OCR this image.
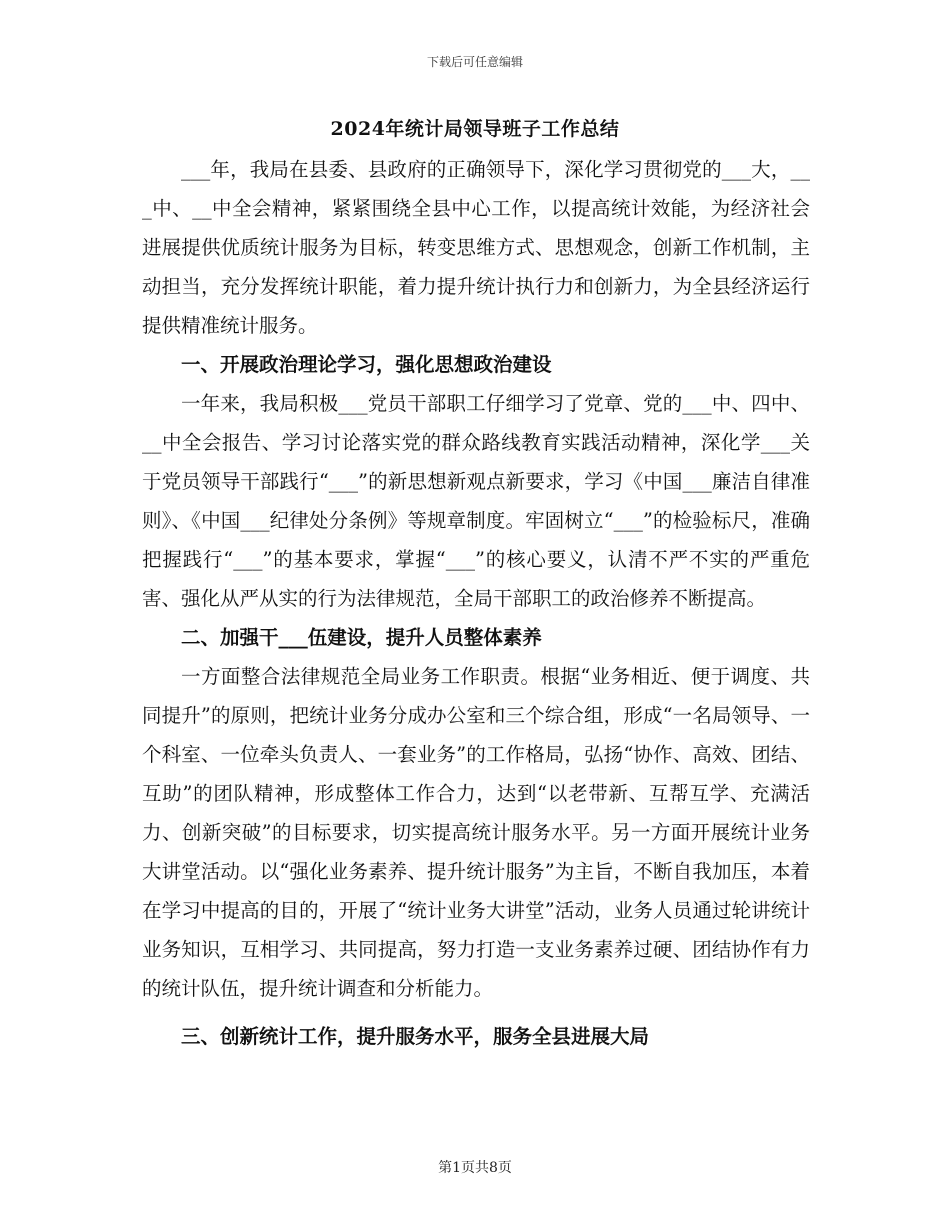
下载后可任意编辑
2024年统计局领导班子工作总结

___年，我局在县委、县政府的正确领导下，深化学习贯彻党的___大，___中、__中全会精神，紧紧围绕全县中心工作，以提高统计效能，为经济社会进展提供优质统计服务为目标，转变思维方式、思想观念，创新工作机制，主动担当，充分发挥统计职能，着力提升统计执行力和创新力，为全县经济运行提供精准统计服务。

一、开展政治理论学习，强化思想政治建设

一年来，我局积极___党员干部职工仔细学习了党章、党的___中、四中、__中全会报告、学习讨论落实党的群众路线教育实践活动精神，深化学___关于党员领导干部践行“___”的新思想新观点新要求，学习《中国___廉洁自律准则》、《中国___纪律处分条例》等规章制度。牢固树立“___”的检验标尺，准确把握践行“___”的基本要求，掌握“___”的核心要义，认清不严不实的严重危害、强化从严从实的行为法律规范，全局干部职工的政治修养不断提高。

二、加强干___伍建设，提升人员整体素养

一方面整合法律规范全局业务工作职责。根据“业务相近、便于调度、共同提升”的原则，把统计业务分成办公室和三个综合组，形成“一名局领导、一个科室、一位牵头负责人、一套业务”的工作格局，弘扬“协作、高效、团结、互助”的团队精神，形成整体工作合力，达到“以老带新、互帮互学、充满活力、创新突破”的目标要求，切实提高统计服务水平。另一方面开展统计业务大讲堂活动。以“强化业务素养、提升统计服务”为主旨，不断自我加压，本着在学习中提高的目的，开展了“统计业务大讲堂”活动，业务人员通过轮讲统计业务知识，互相学习、共同提高，努力打造一支业务素养过硬、团结协作有力的统计队伍，提升统计调查和分析能力。

三、创新统计工作，提升服务水平，服务全县进展大局

第1页共8页
